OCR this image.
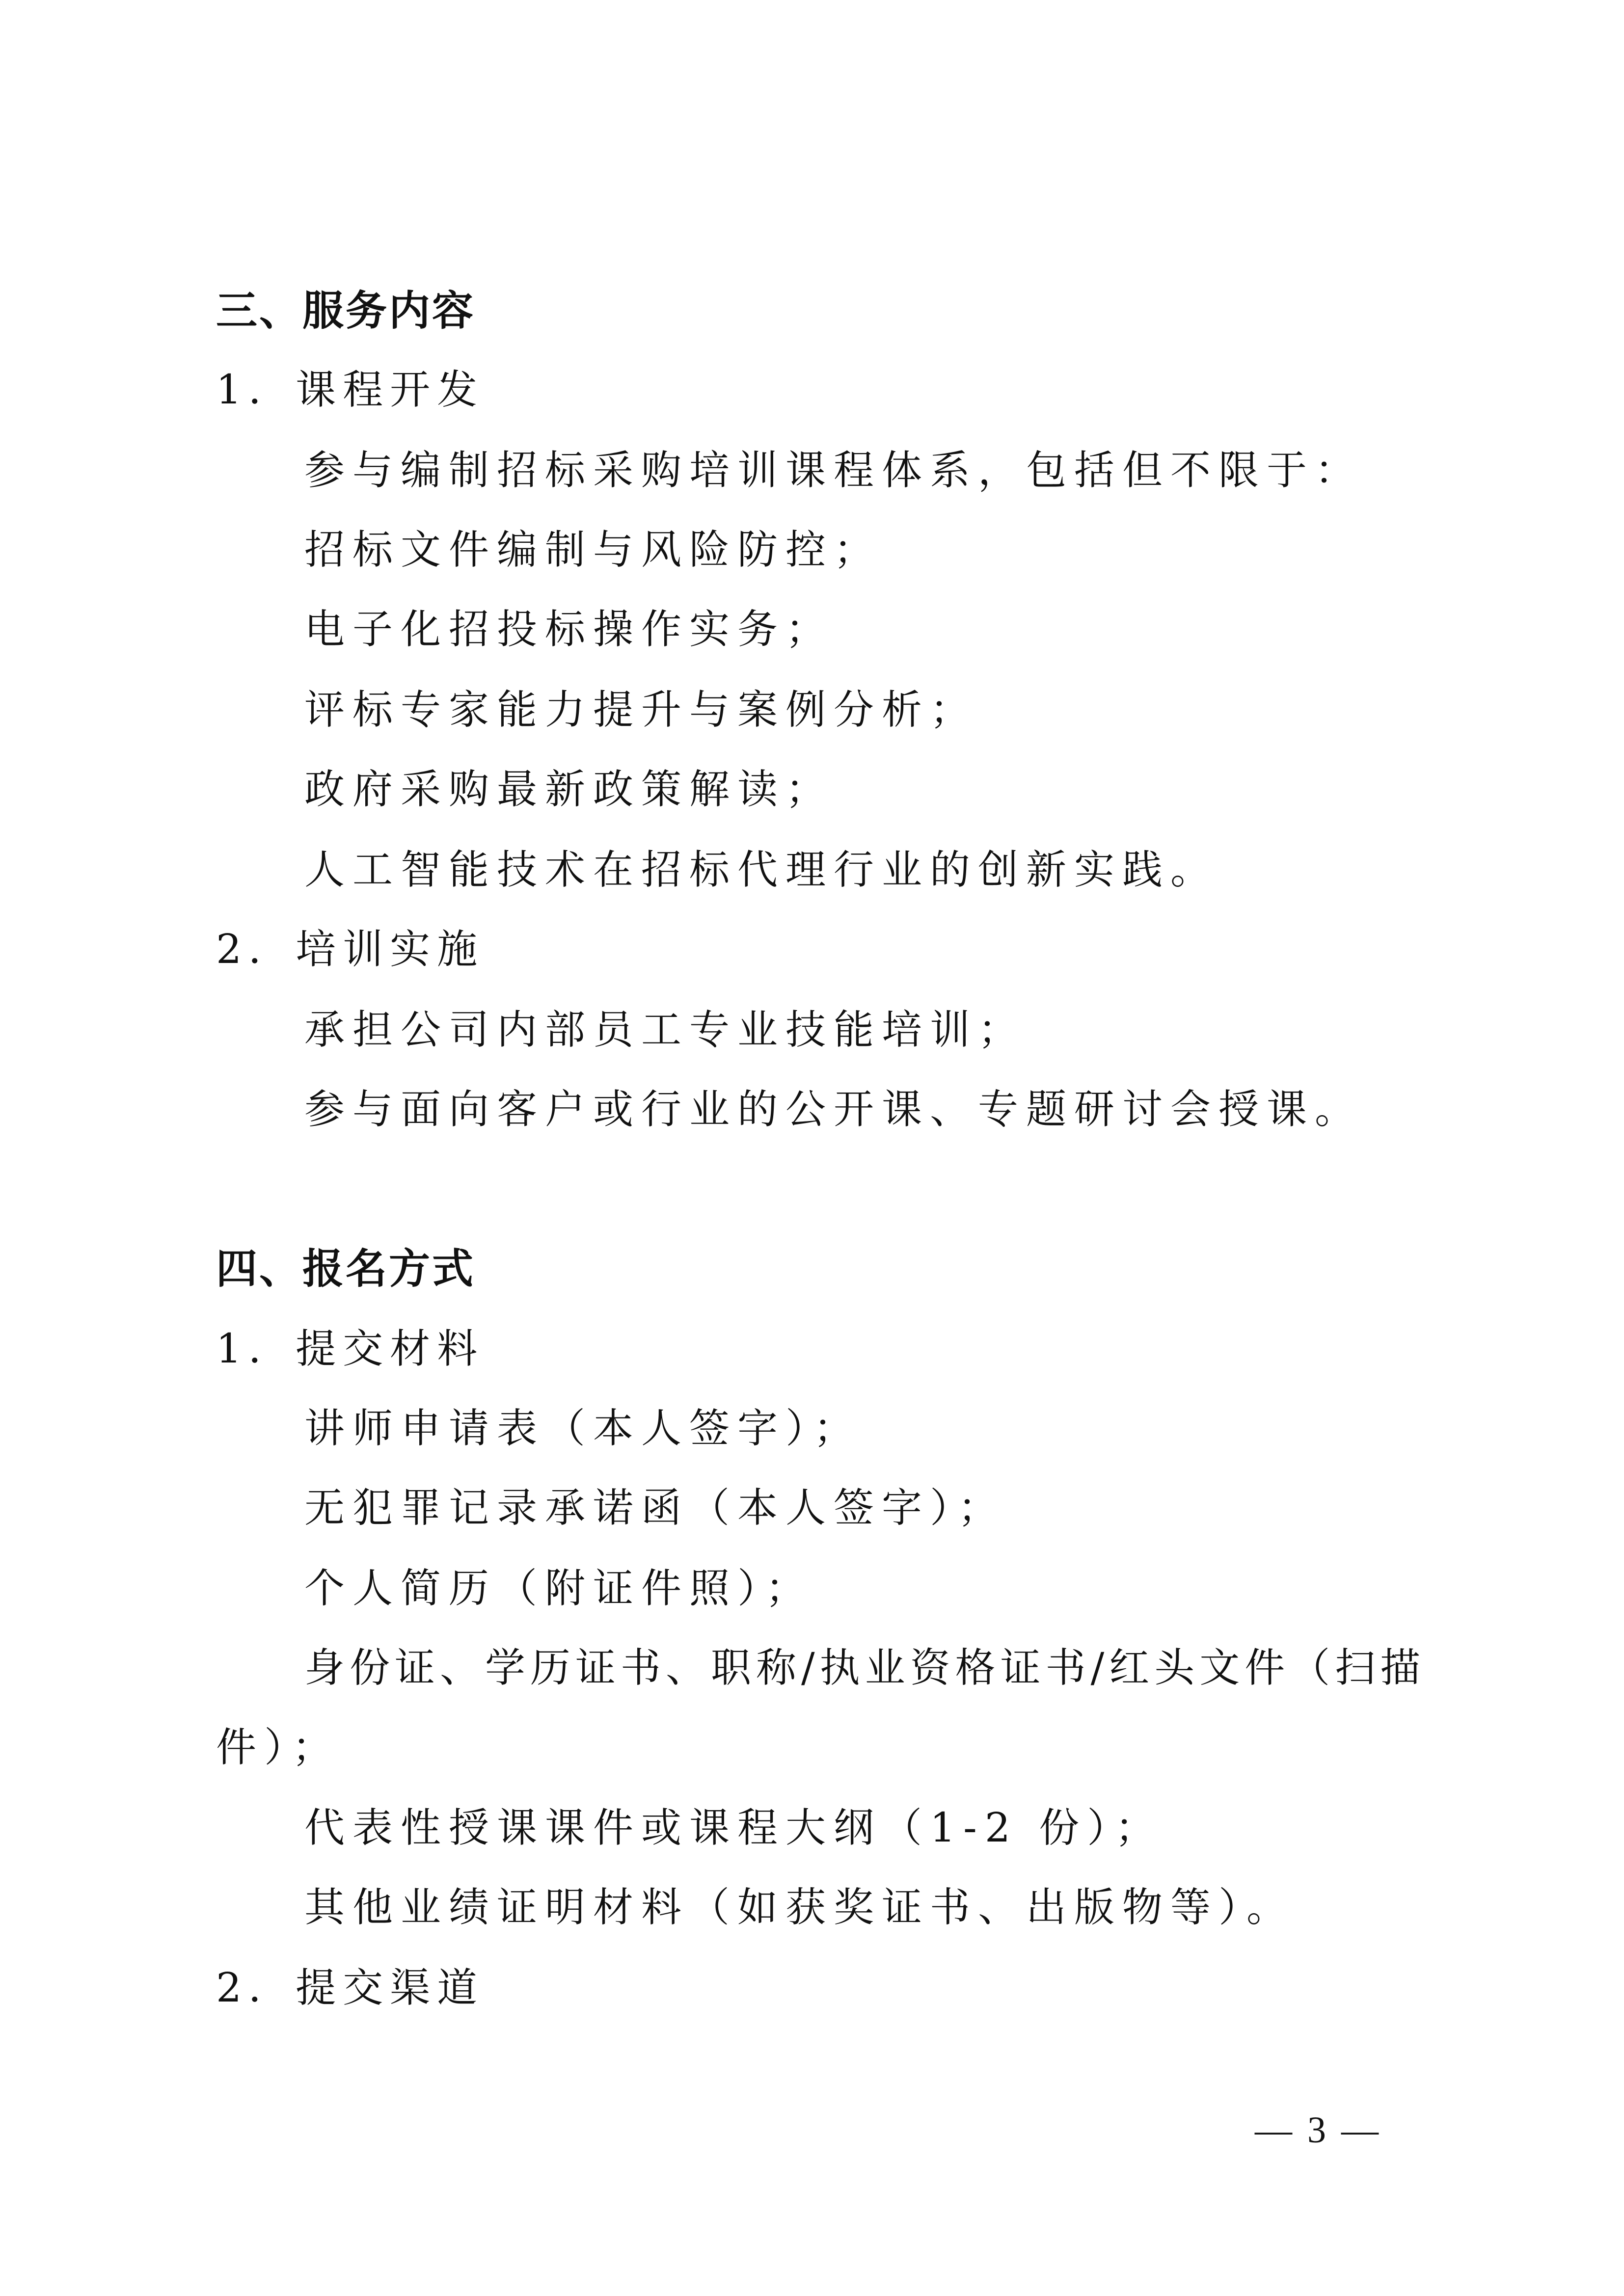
三、服务内容
1．课程开发
参与编制招标采购培训课程体系，包括但不限于：
招标文件编制与风险防控；
电子化招投标操作实务；
评标专家能力提升与案例分析；
政府采购最新政策解读；
人工智能技术在招标代理行业的创新实践。
2．培训实施
承担公司内部员工专业技能培训；
参与面向客户或行业的公开课、专题研讨会授课。
四、报名方式
1．提交材料
讲师申请表（本人签字）；
无犯罪记录承诺函（本人签字）；
个人简历（附证件照）；
身份证、学历证书、职称/执业资格证书/红头文件（扫描
件）；
代表性授课课件或课程大纲（1-2 份）；
其他业绩证明材料（如获奖证书、出版物等）。
2．提交渠道
— 3 —
